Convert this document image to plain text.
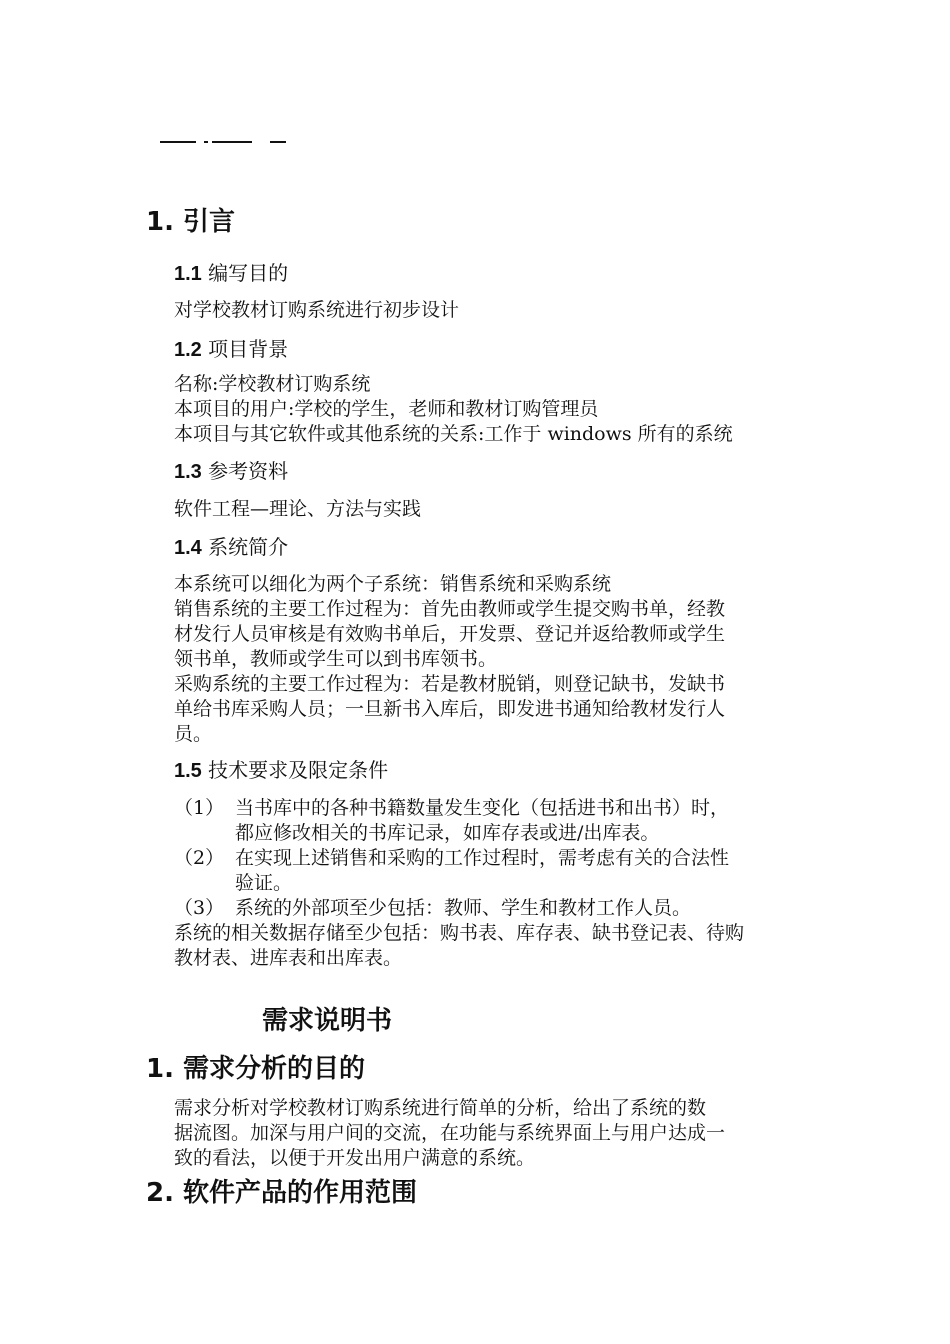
1. 引言
1.1 编写目的
对学校教材订购系统进行初步设计
1.2 项目背景
名称:学校教材订购系统
本项目的用户:学校的学生，老师和教材订购管理员
本项目与其它软件或其他系统的关系:工作于 windows 所有的系统
1.3 参考资料
软件工程—理论、方法与实践
1.4 系统简介
本系统可以细化为两个子系统：销售系统和采购系统
销售系统的主要工作过程为：首先由教师或学生提交购书单，经教
材发行人员审核是有效购书单后，开发票、登记并返给教师或学生
领书单，教师或学生可以到书库领书。
采购系统的主要工作过程为：若是教材脱销，则登记缺书，发缺书
单给书库采购人员；一旦新书入库后，即发进书通知给教材发行人
员。
1.5 技术要求及限定条件
（1） 当书库中的各种书籍数量发生变化（包括进书和出书）时，
都应修改相关的书库记录，如库存表或进/出库表。
（2） 在实现上述销售和采购的工作过程时，需考虑有关的合法性
验证。
（3） 系统的外部项至少包括：教师、学生和教材工作人员。
系统的相关数据存储至少包括：购书表、库存表、缺书登记表、待购
教材表、进库表和出库表。
需求说明书
1. 需求分析的目的
需求分析对学校教材订购系统进行简单的分析，给出了系统的数
据流图。加深与用户间的交流，在功能与系统界面上与用户达成一
致的看法，以便于开发出用户满意的系统。
2. 软件产品的作用范围
